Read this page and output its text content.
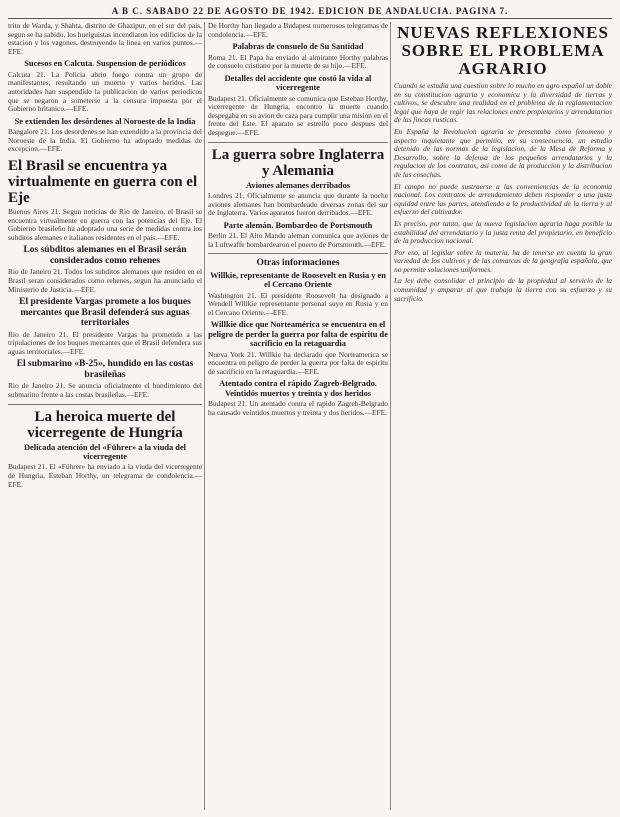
A B C. SABADO 22 DE AGOSTO DE 1942. EDICION DE ANDALUCIA. PAGINA 7.

trito de Warda, y Shahta, distrito de Ghazipur, en el sur del pais, segun se ha sabido, los huelguistas incendiaron los edificios de la estacion y los vagones, destruyendo la linea en varios puntos.—EFE.

Sucesos en Calcuta. Suspension de periódicos

Calcuta 21. La Policia abrio fuego contra un grupo de manifestantes, resultando un muerto y varios heridos. Las autoridades han suspendido la publicacion de varios periodicos que se negaron a someterse a la censura impuesta por el Gobierno britanico.—EFE.

Se extienden los desórdenes al Noroeste de la India

Bangalore 21. Los desordenes se han extendido a la provincia del Noroeste de la India. El Gobierno ha adoptado medidas de excepcion.—EFE.

El Brasil se encuentra ya virtualmente en guerra con el Eje

Buenos Aires 21. Segun noticias de Rio de Janeiro, el Brasil se encuentra virtualmente en guerra con las potencias del Eje. El Gobierno brasileño ha adoptado una serie de medidas contra los subditos alemanes e italianos residentes en el pais.—EFE.

Los súbditos alemanes en el Brasil serán considerados como rehenes

Rio de Janeiro 21. Todos los subditos alemanes que residen en el Brasil seran considerados como rehenes, segun ha anunciado el Ministerio de Justicia.—EFE.

El presidente Vargas promete a los buques mercantes que Brasil defenderá sus aguas territoriales

Rio de Janeiro 21. El presidente Vargas ha prometido a las tripulaciones de los buques mercantes que el Brasil defendera sus aguas territoriales.—EFE.

El submarino «B-25», hundido en las costas brasileñas

Rio de Janeiro 21. Se anuncia oficialmente el hundimiento del submarino frente a las costas brasileñas.—EFE.

La heroica muerte del vicerregente de Hungría
Delicada atención del «Führer» a la viuda del vicerregente

Budapest 21. El «Führer» ha enviado a la viuda del vicerregente de Hungria, Esteban Horthy, un telegrama de condolencia.—EFE.

De Horthy han llegado a Budapest numerosos telegramas de condolencia.—EFE.

Palabras de consuelo de Su Santidad

Roma 21. El Papa ha enviado al almirante Horthy palabras de consuelo cristiano por la muerte de su hijo.—EFE.

Detalles del accidente que costó la vida al vicerregente

Budapest 21. Oficialmente se comunica que Esteban Horthy, vicerregente de Hungria, encontro la muerte cuando despegaba en su avion de caza para cumplir una mision en el frente del Este. El aparato se estrello poco despues del despegue.—EFE.

La guerra sobre Inglaterra y Alemania
Aviones alemanes derribados

Londres 21. Oficialmente se anuncia que durante la noche aviones alemanes han bombardeado diversas zonas del sur de Inglaterra. Varios aparatos fueron derribados.—EFE.

Parte alemán. Bombardeo de Portsmouth

Berlin 21. El Alto Mando aleman comunica que aviones de la Luftwaffe bombardearon el puerto de Portsmouth.—EFE.

Otras informaciones
Willkie, representante de Roosevelt en Rusia y en el Cercano Oriente

Washington 21. El presidente Roosevelt ha designado a Wendell Willkie representante personal suyo en Rusia y en el Cercano Oriente.—EFE.

Willkie dice que Norteamérica se encuentra en el peligro de perder la guerra por falta de espíritu de sacrificio en la retaguardia

Nueva York 21. Willkie ha declarado que Norteamerica se encuentra en peligro de perder la guerra por falta de espiritu de sacrificio en la retaguardia.—EFE.

Atentado contra el rápido Zagreb-Belgrado. Veintidós muertos y treinta y dos heridos

Budapest 21. Un atentado contra el rapido Zagreb-Belgrado ha causado veintidos muertos y treinta y dos heridos.—EFE.

NUEVAS REFLEXIONES SOBRE EL PROBLEMA AGRARIO

Cuando se estudia una cuestion sobre lo mucho en agro español un doble en su constitucion agraria y economica y la diversidad de tierras y cultivos, se descubre una realidad en el problema de la reglamentacion legal que haya de regir las relaciones entre propietarios y arrendatarios de las fincas rusticas.

En España la Revolucion agraria se presentaba como fenomeno y aspecto inquietante que permitio, en su consecuencia, un estudio detenido de las normas de la legislacion, de la Mesa de Reforma y Desarrollo, sobre la defensa de los pequeños arrendatarios y la regulacion de los contratos, asi como de la produccion y la distribucion de las cosechas.

El campo no puede sustraerse a las conveniencias de la economia nacional. Los contratos de arrendamiento deben responder a una justa equidad entre las partes, atendiendo a la productividad de la tierra y al esfuerzo del cultivador.

Es preciso, por tanto, que la nueva legislacion agraria haga posible la estabilidad del arrendatario y la justa renta del propietario, en beneficio de la produccion nacional.

Por eso, al legislar sobre la materia, ha de tenerse en cuenta la gran variedad de los cultivos y de las comarcas de la geografia española, que no permite soluciones uniformes.

La ley debe consolidar el principio de la propiedad al servicio de la comunidad y amparar al que trabaja la tierra con su esfuerzo y su sacrificio.
